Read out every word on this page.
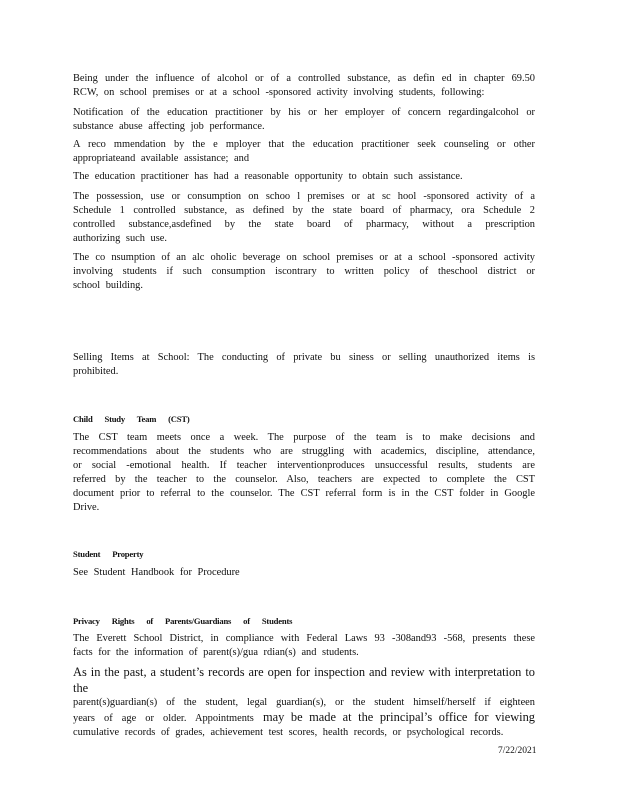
Being under the influence of alcohol or of a controlled substance, as defin ed in chapter 69.50
RCW, on school premises or at a school -sponsored activity involving students, following:
Notification of the education practitioner by his or her employer of concern regardingalcohol or
substance abuse affecting job performance.
A reco mmendation by the e mployer that the education practitioner seek counseling or other
appropriateand available assistance; and
The education practitioner has had a reasonable opportunity to obtain such assistance.
The possession, use or consumption on schoo l premises or at sc hool -sponsored activity of a
Schedule 1 controlled substance, as defined by the state board of pharmacy, ora Schedule 2
controlled substance,asdefined by the state board of pharmacy, without a prescription
authorizing such use.
The co nsumption of an alc oholic beverage on school premises or at a school -sponsored activity
involving students if such consumption iscontrary to written policy of theschool district or
school building.
Selling Items at School: The conducting of private bu siness or selling unauthorized items is
prohibited.
Child Study Team (CST)
The CST team meets once a week. The purpose of the team is to make decisions and
recommendations about the students who are struggling with academics, discipline, attendance,
or social -emotional health. If teacher interventionproduces unsuccessful results, students are
referred by the teacher to the counselor. Also, teachers are expected to complete the CST
document prior to referral to the counselor. The CST referral form is in the CST folder in Google
Drive.
Student Property
See Student Handbook for Procedure
Privacy Rights of Parents/Guardians of Students
The Everett School District, in compliance with Federal Laws 93 -308and93 -568, presents these
facts for the information of parent(s)/gua rdian(s) and students.
As in the past, a student’s records are open for inspection and review with interpretation to the
parent(s)guardian(s) of the student, legal guardian(s), or the student himself/herself if eighteen
years of age or older. Appointments may be made at the principal’s office for viewing
cumulative records of grades, achievement test scores, health records, or psychological records.
7/22/2021
